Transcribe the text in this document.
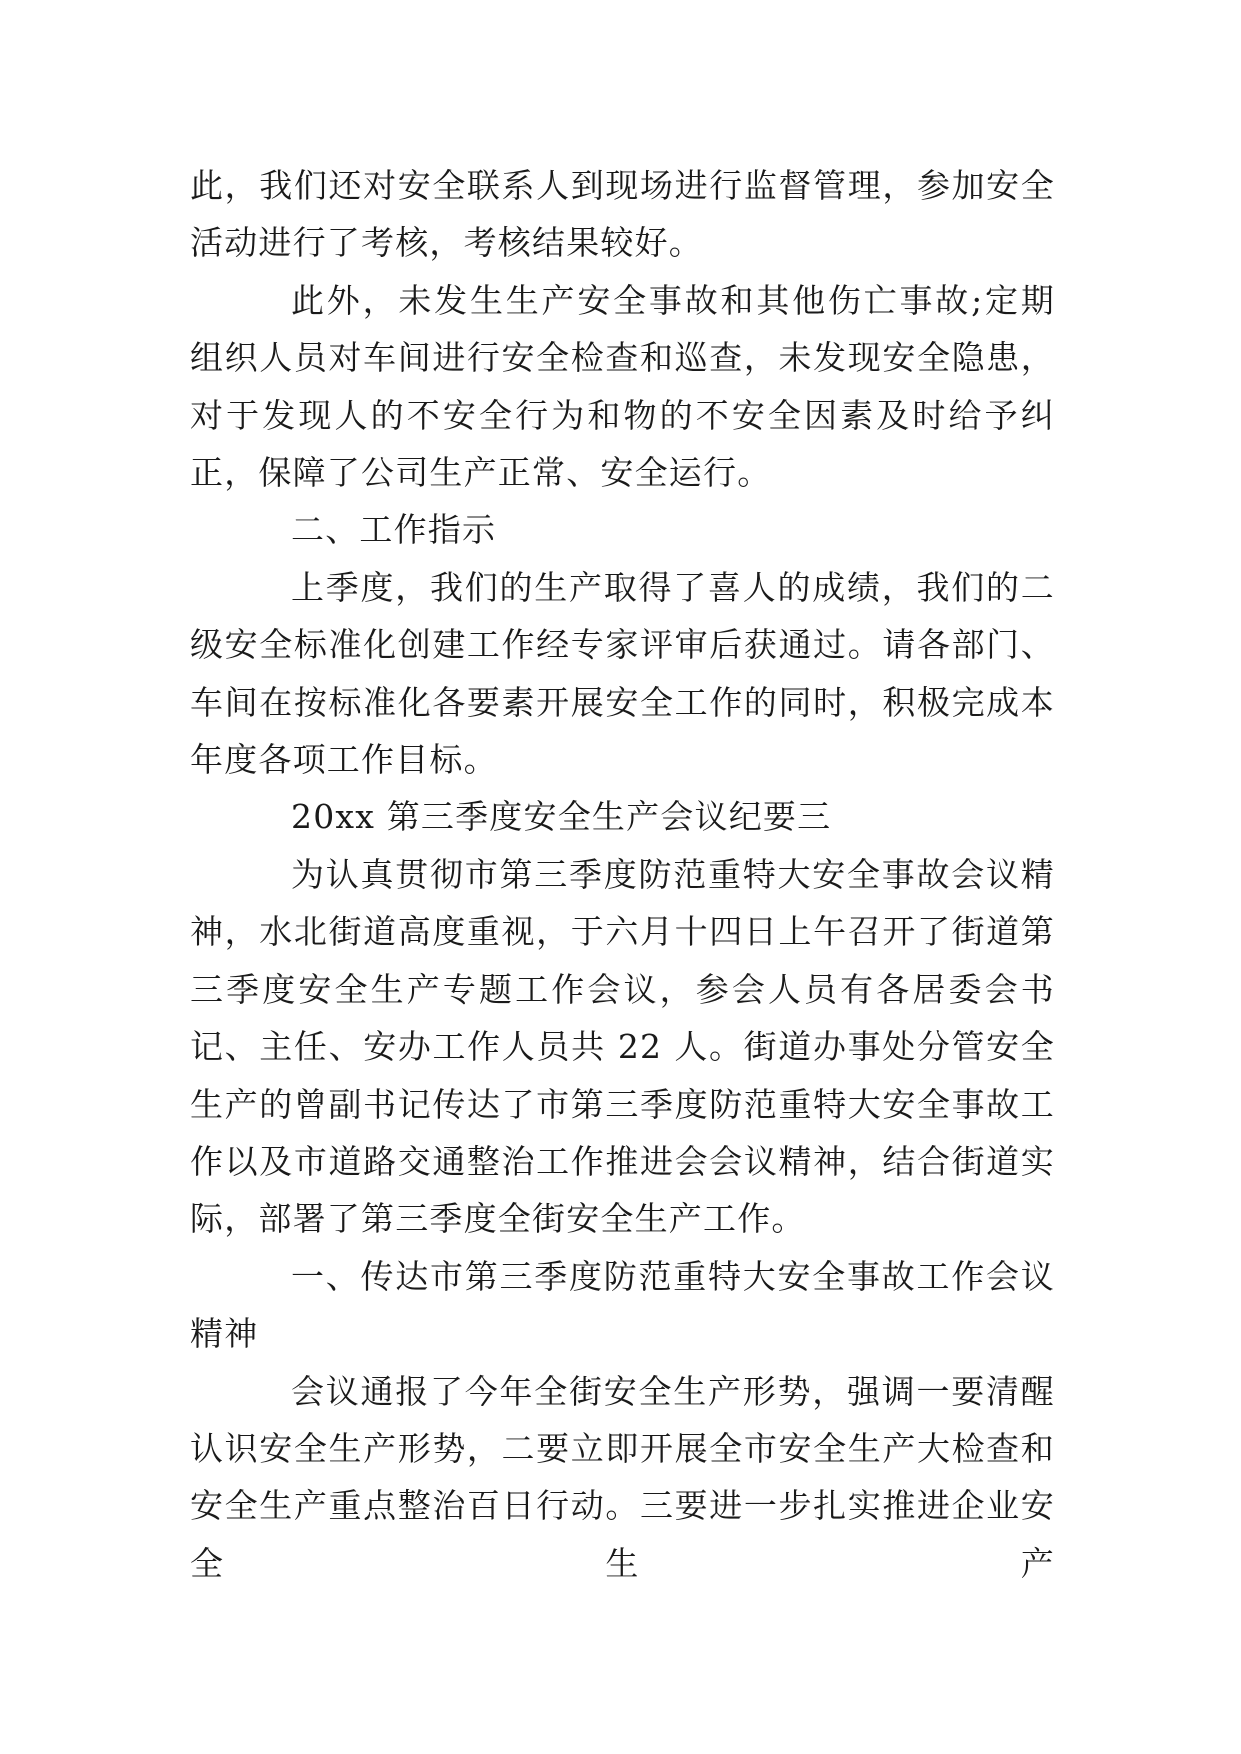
此，我们还对安全联系人到现场进行监督管理，参加安全活动进行了考核，考核结果较好。

此外，未发生生产安全事故和其他伤亡事故;定期组织人员对车间进行安全检查和巡查，未发现安全隐患，对于发现人的不安全行为和物的不安全因素及时给予纠正，保障了公司生产正常、安全运行。

二、工作指示

上季度，我们的生产取得了喜人的成绩，我们的二级安全标准化创建工作经专家评审后获通过。请各部门、车间在按标准化各要素开展安全工作的同时，积极完成本年度各项工作目标。

20xx 第三季度安全生产会议纪要三

为认真贯彻市第三季度防范重特大安全事故会议精神，水北街道高度重视，于六月十四日上午召开了街道第三季度安全生产专题工作会议，参会人员有各居委会书记、主任、安办工作人员共 22 人。街道办事处分管安全生产的曾副书记传达了市第三季度防范重特大安全事故工作以及市道路交通整治工作推进会会议精神，结合街道实际，部署了第三季度全街安全生产工作。

一、传达市第三季度防范重特大安全事故工作会议精神

会议通报了今年全街安全生产形势，强调一要清醒认识安全生产形势，二要立即开展全市安全生产大检查和安全生产重点整治百日行动。三要进一步扎实推进企业安全生产
